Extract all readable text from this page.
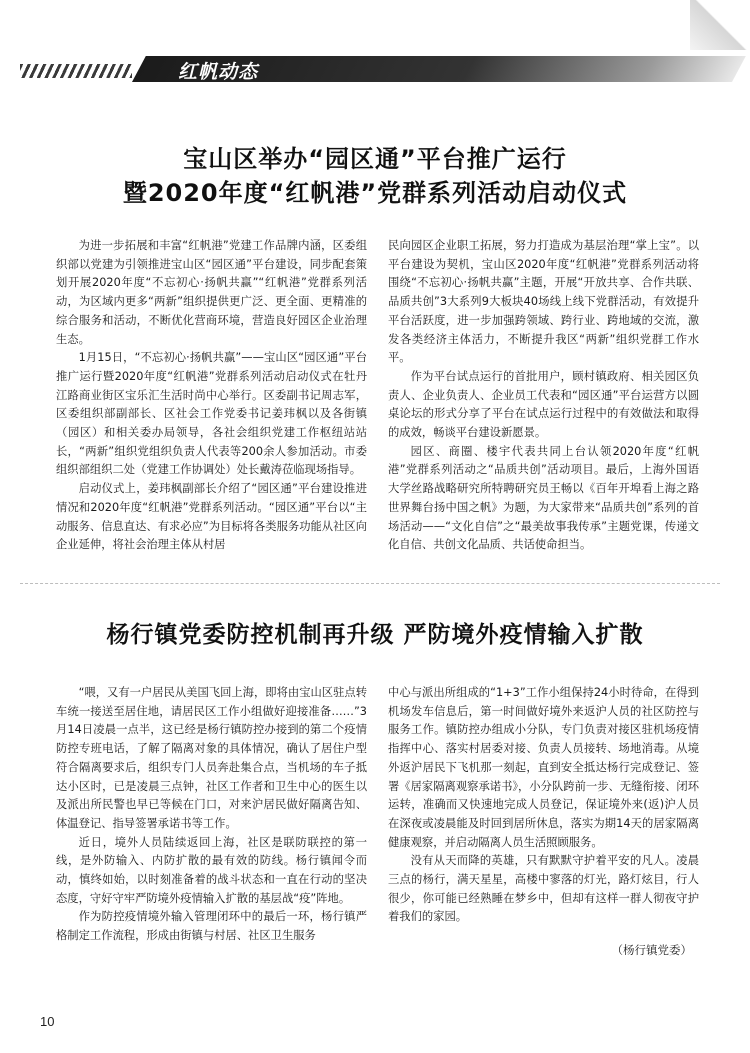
红帆动态
宝山区举办“园区通”平台推广运行
暨2020年度“红帆港”党群系列活动启动仪式

为进一步拓展和丰富“红帆港”党建工作品牌内涵，区委组织部以党建为引领推进宝山区“园区通”平台建设，同步配套策划开展2020年度“不忘初心·扬帆共赢”“红帆港”党群系列活动，为区域内更多“两新”组织提供更广泛、更全面、更精准的综合服务和活动，不断优化营商环境，营造良好园区企业治理生态。

1月15日，“不忘初心·扬帆共赢”——宝山区“园区通”平台推广运行暨2020年度“红帆港”党群系列活动启动仪式在牡丹江路商业街区宝乐汇生活时尚中心举行。区委副书记周志军，区委组织部副部长、区社会工作党委书记姜玮枫以及各街镇（园区）和相关委办局领导，各社会组织党建工作枢纽站站长，“两新”组织党组织负责人代表等200余人参加活动。市委组织部组织二处（党建工作协调处）处长戴涛莅临现场指导。

启动仪式上，姜玮枫副部长介绍了“园区通”平台建设推进情况和2020年度“红帆港”党群系列活动。“园区通”平台以“主动服务、信息直达、有求必应”为目标将各类服务功能从社区向企业延伸，将社会治理主体从村居

民向园区企业职工拓展，努力打造成为基层治理“掌上宝”。以平台建设为契机，宝山区2020年度“红帆港”党群系列活动将围绕“不忘初心·扬帆共赢”主题，开展“开放共享、合作共联、品质共创”3大系列9大板块40场线上线下党群活动，有效提升平台活跃度，进一步加强跨领域、跨行业、跨地域的交流，激发各类经济主体活力，不断提升我区“两新”组织党群工作水平。

作为平台试点运行的首批用户，顾村镇政府、相关园区负责人、企业负责人、企业员工代表和“园区通”平台运营方以圆桌论坛的形式分享了平台在试点运行过程中的有效做法和取得的成效，畅谈平台建设新愿景。

园区、商圈、楼宇代表共同上台认领2020年度“红帆港”党群系列活动之“品质共创”活动项目。最后，上海外国语大学丝路战略研究所特聘研究员王畅以《百年开埠看上海之路 世界舞台扬中国之帆》为题，为大家带来“品质共创”系列的首场活动——“文化自信”之“最美故事我传承”主题党课，传递文化自信、共创文化品质、共话使命担当。

杨行镇党委防控机制再升级 严防境外疫情输入扩散

“喂，又有一户居民从美国飞回上海，即将由宝山区驻点转车统一接送至居住地，请居民区工作小组做好迎接准备……”3月14日凌晨一点半，这已经是杨行镇防控办接到的第二个疫情防控专班电话，了解了隔离对象的具体情况，确认了居住户型符合隔离要求后，组织专门人员奔赴集合点，当机场的车子抵达小区时，已是凌晨三点钟，社区工作者和卫生中心的医生以及派出所民警也早已等候在门口，对来沪居民做好隔离告知、体温登记、指导签署承诺书等工作。

近日，境外人员陆续返回上海，社区是联防联控的第一线，是外防输入、内防扩散的最有效的防线。杨行镇闻令而动，慎终如始，以时刻准备着的战斗状态和一直在行动的坚决态度，守好守牢严防境外疫情输入扩散的基层战“疫”阵地。

作为防控疫情境外输入管理闭环中的最后一环，杨行镇严格制定工作流程，形成由街镇与村居、社区卫生服务

中心与派出所组成的“1+3”工作小组保持24小时待命，在得到机场发车信息后，第一时间做好境外来返沪人员的社区防控与服务工作。镇防控办组成小分队，专门负责对接区驻机场疫情指挥中心、落实村居委对接、负责人员接转、场地消毒。从境外返沪居民下飞机那一刻起，直到安全抵达杨行完成登记、签署《居家隔离观察承诺书》，小分队跨前一步、无缝衔接、闭环运转，准确而又快速地完成人员登记，保证境外来(返)沪人员在深夜或凌晨能及时回到居所休息，落实为期14天的居家隔离健康观察，并启动隔离人员生活照顾服务。

没有从天而降的英雄，只有默默守护着平安的凡人。凌晨三点的杨行，满天星星，高楼中寥落的灯光，路灯炫目，行人很少，你可能已经熟睡在梦乡中，但却有这样一群人彻夜守护着我们的家园。

（杨行镇党委）
10
